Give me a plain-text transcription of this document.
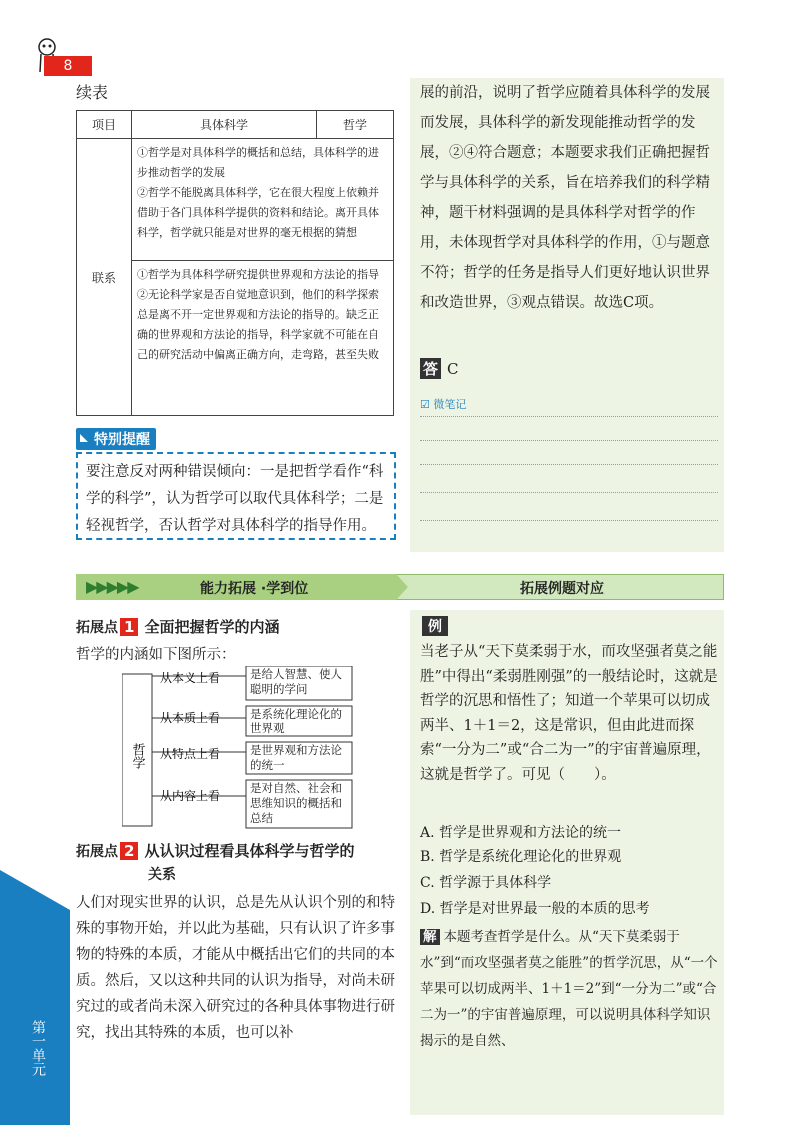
第一单元
8
续表
项目	具体科学	哲学
联系	①哲学是对具体科学的概括和总结，具体科学的进步推动哲学的发展
②哲学不能脱离具体科学，它在很大程度上依赖并借助于各门具体科学提供的资料和结论。离开具体科学，哲学就只能是对世界的毫无根据的猜想	
	①哲学为具体科学研究提供世界观和方法论的指导
②无论科学家是否自觉地意识到，他们的科学探索总是离不开一定世界观和方法论的指导的。缺乏正确的世界观和方法论的指导，科学家就不可能在自己的研究活动中偏离正确方向，走弯路，甚至失败	
特别提醒
要注意反对两种错误倾向：一是把哲学看作“科学的科学”，认为哲学可以取代具体科学；二是轻视哲学，否认哲学对具体科学的指导作用。
展的前沿，说明了哲学应随着具体科学的发展而发展，具体科学的新发现能推动哲学的发展，②④符合题意；本题要求我们正确把握哲学与具体科学的关系，旨在培养我们的科学精神，题干材料强调的是具体科学对哲学的作用，未体现哲学对具体科学的作用，①与题意不符；哲学的任务是指导人们更好地认识世界和改造世界，③观点错误。故选C项。
答 C
☑ 微笔记
▶▶▶▶▶	能力拓展 ·学到位	拓展例题对应
拓展点 1 全面把握哲学的内涵
哲学的内涵如下图所示：
哲学
从本义上看
从本质上看
从特点上看
从内容上看
是给人智慧、使人聪明的学问
是系统化理论化的世界观
是世界观和方法论的统一
是对自然、社会和思维知识的概括和总结
拓展点 2 从认识过程看具体科学与哲学的
关系
人们对现实世界的认识，总是先从认识个别的和特殊的事物开始，并以此为基础，只有认识了许多事物的特殊的本质，才能从中概括出它们的共同的本质。然后，又以这种共同的认识为指导，对尚未研究过的或者尚未深入研究过的各种具体事物进行研究，找出其特殊的本质，也可以补
例
当老子从“天下莫柔弱于水，而攻坚强者莫之能胜”中得出“柔弱胜刚强”的一般结论时，这就是哲学的沉思和悟性了；知道一个苹果可以切成两半、1＋1＝2，这是常识，但由此进而探索“一分为二”或“合二为一”的宇宙普遍原理，这就是哲学了。可见（　　）。
A. 哲学是世界观和方法论的统一
B. 哲学是系统化理论化的世界观
C. 哲学源于具体科学
D. 哲学是对世界最一般的本质的思考
解 本题考查哲学是什么。从“天下莫柔弱于水”到“而攻坚强者莫之能胜”的哲学沉思，从“一个苹果可以切成两半、1＋1＝2”到“一分为二”或“合二为一”的宇宙普遍原理，可以说明具体科学知识揭示的是自然、
